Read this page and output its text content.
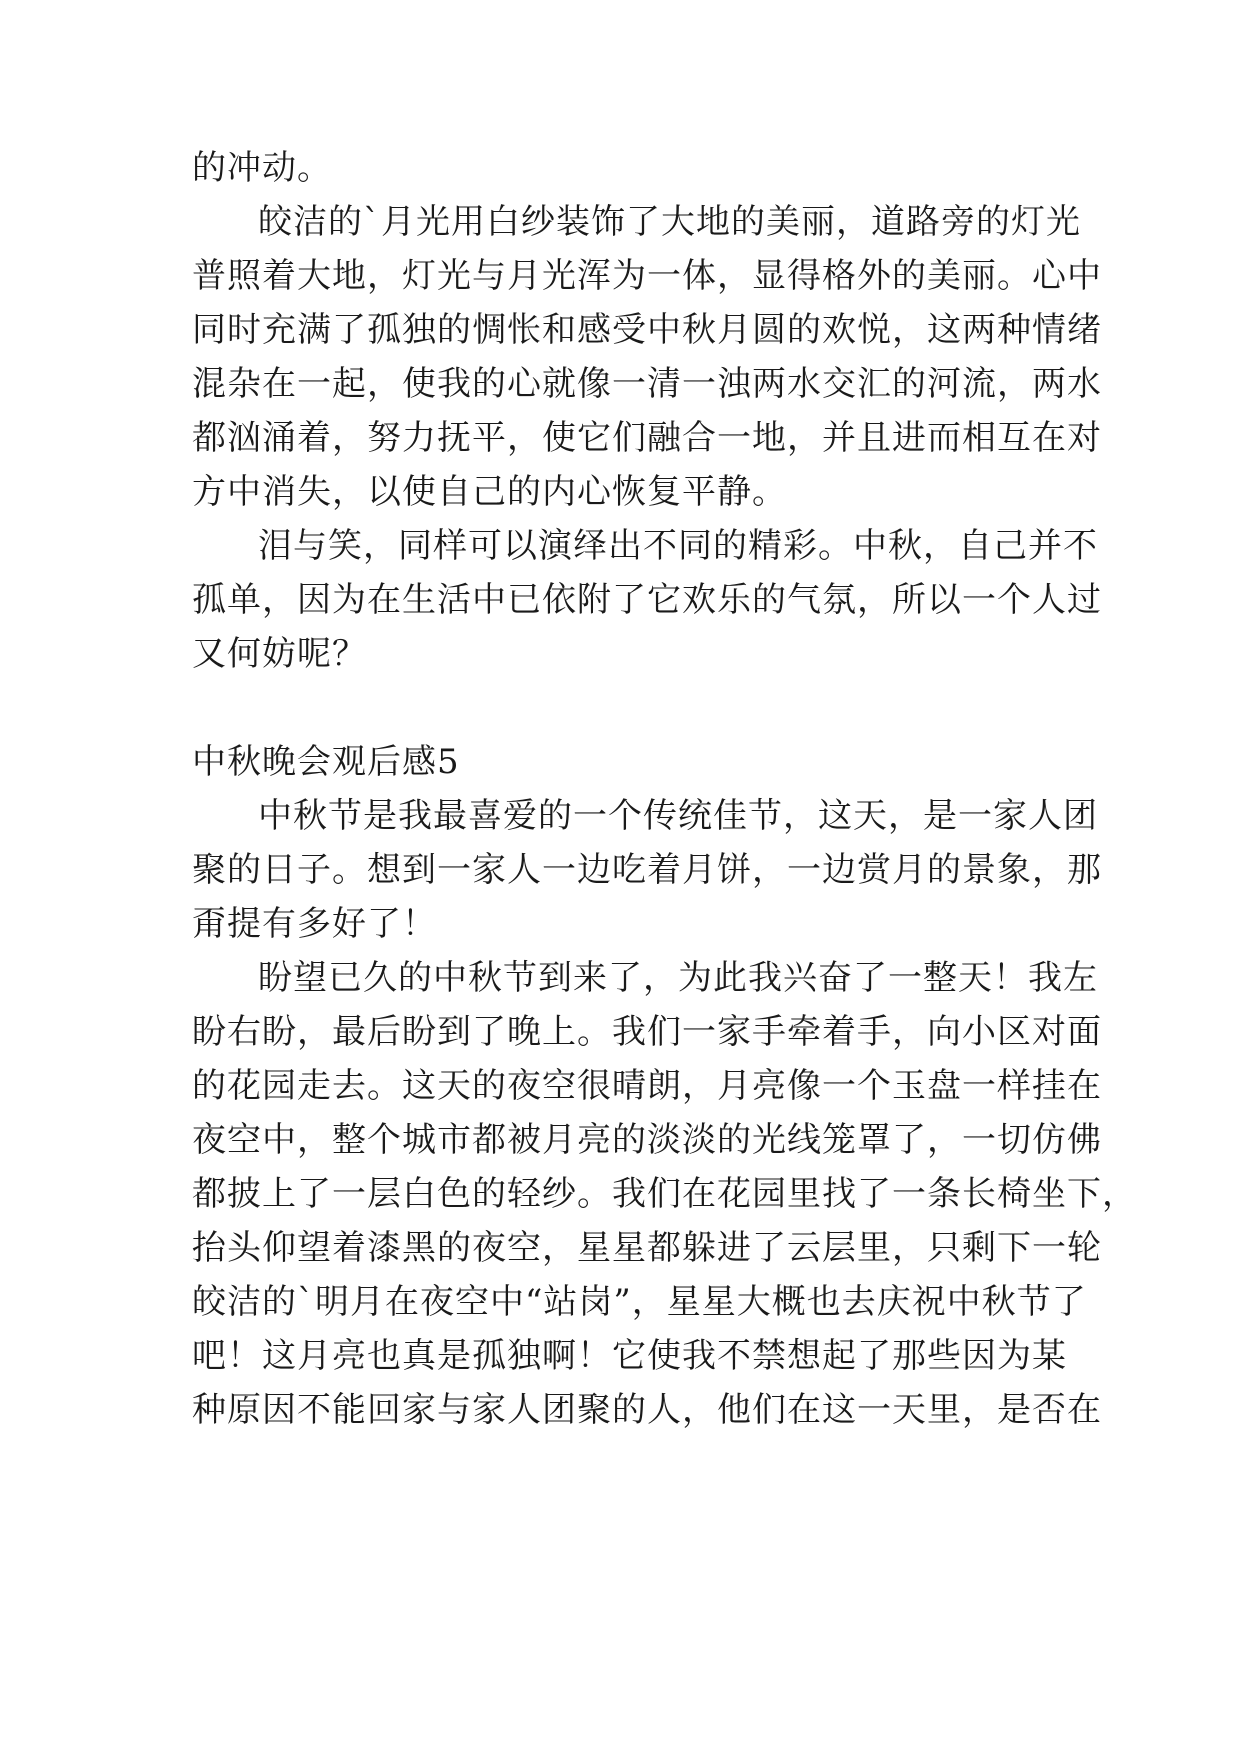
的冲动。
皎洁的`月光用白纱装饰了大地的美丽，道路旁的灯光
普照着大地，灯光与月光浑为一体，显得格外的美丽。心中
同时充满了孤独的惆怅和感受中秋月圆的欢悦，这两种情绪
混杂在一起，使我的心就像一清一浊两水交汇的河流，两水
都汹涌着，努力抚平，使它们融合一地，并且进而相互在对
方中消失，以使自己的内心恢复平静。
泪与笑，同样可以演绎出不同的精彩。中秋，自己并不
孤单，因为在生活中已依附了它欢乐的气氛，所以一个人过
又何妨呢？
中秋晚会观后感5
中秋节是我最喜爱的一个传统佳节，这天，是一家人团
聚的日子。想到一家人一边吃着月饼，一边赏月的景象，那
甭提有多好了！
盼望已久的中秋节到来了，为此我兴奋了一整天！我左
盼右盼，最后盼到了晚上。我们一家手牵着手，向小区对面
的花园走去。这天的夜空很晴朗，月亮像一个玉盘一样挂在
夜空中，整个城市都被月亮的淡淡的光线笼罩了，一切仿佛
都披上了一层白色的轻纱。我们在花园里找了一条长椅坐下，
抬头仰望着漆黑的夜空，星星都躲进了云层里，只剩下一轮
皎洁的`明月在夜空中“站岗”，星星大概也去庆祝中秋节了
吧！这月亮也真是孤独啊！它使我不禁想起了那些因为某
种原因不能回家与家人团聚的人，他们在这一天里，是否在
